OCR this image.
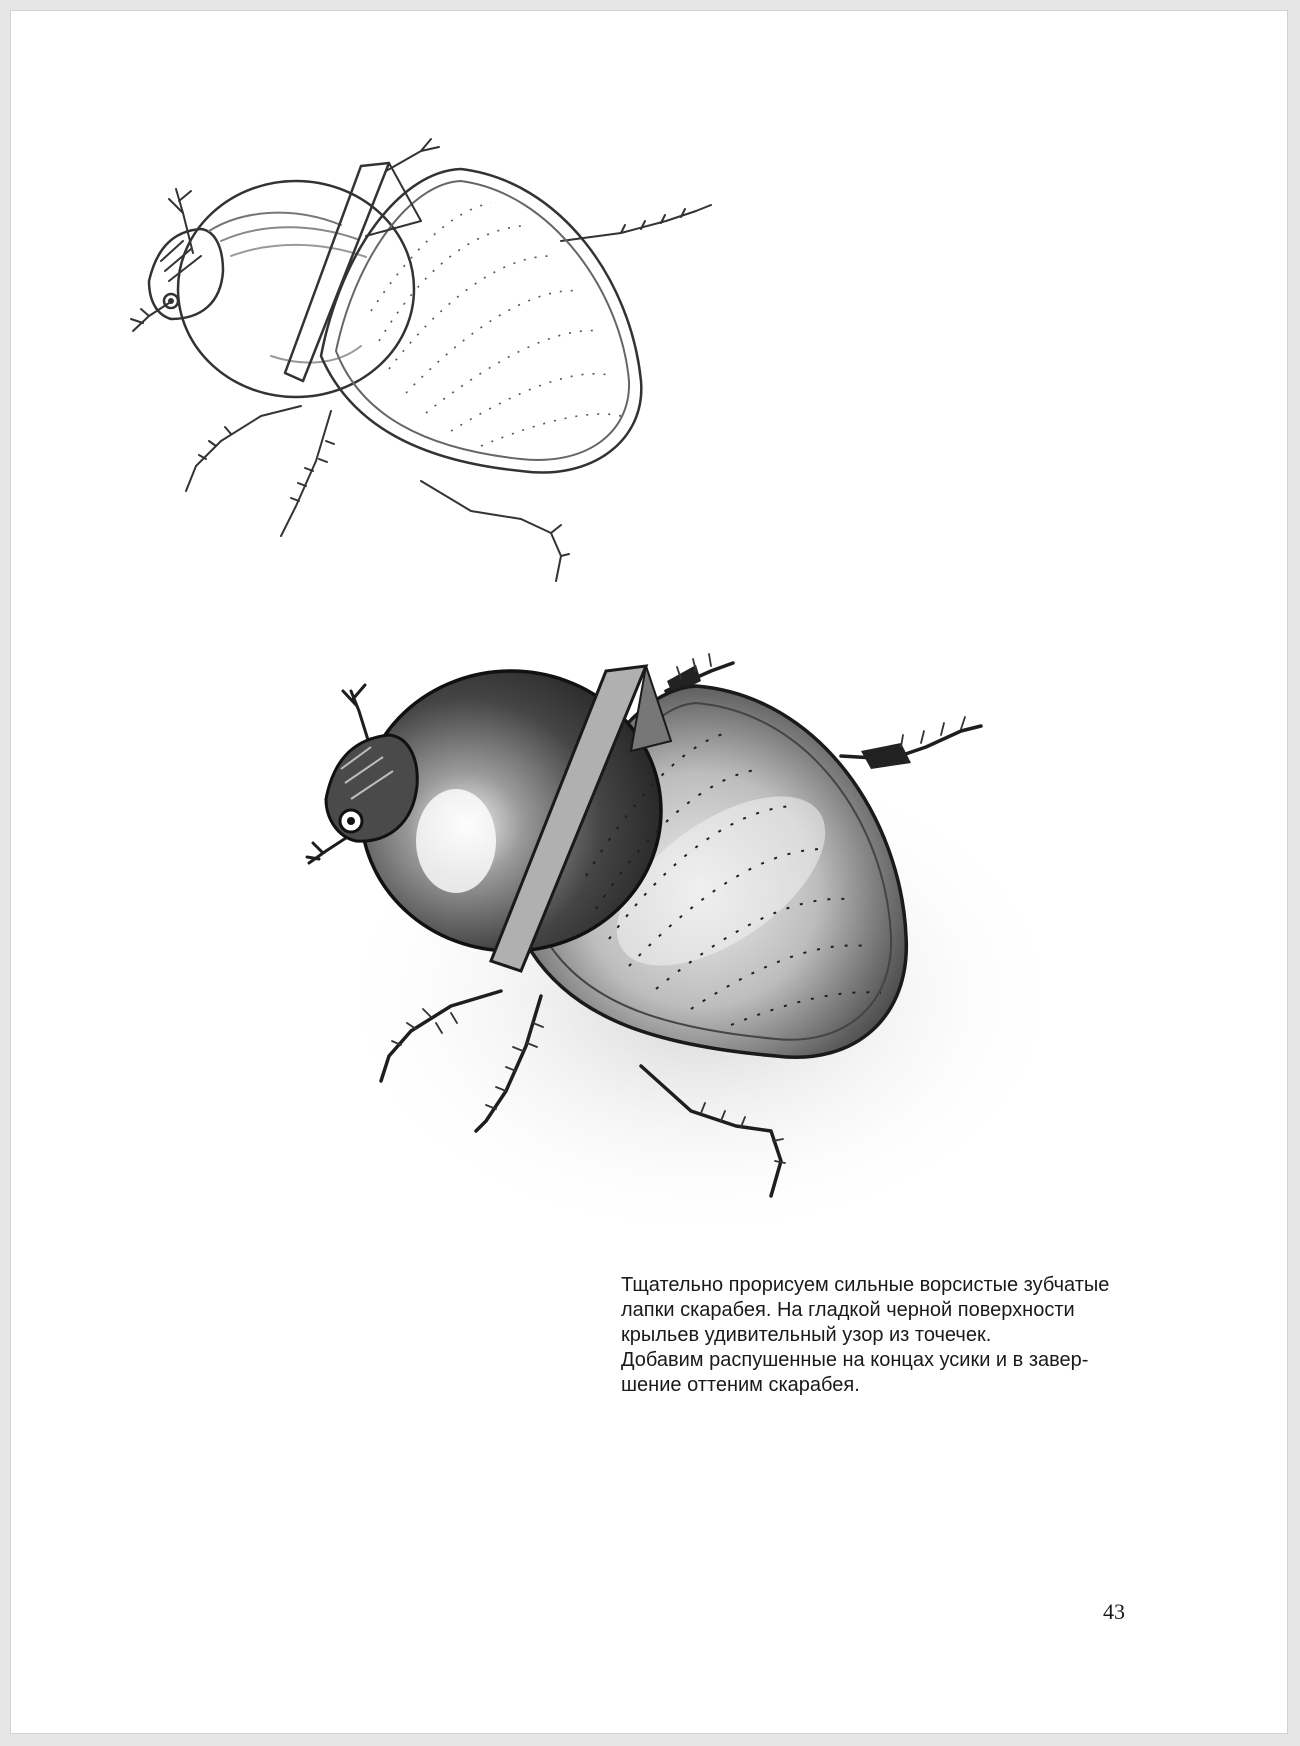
Тщательно прорисуем сильные ворсистые зубчатые
лапки скарабея. На гладкой черной поверхности
крыльев удивительный узор из точечек.
Добавим распушенные на концах усики и в завер-
шение оттеним скарабея.

43
